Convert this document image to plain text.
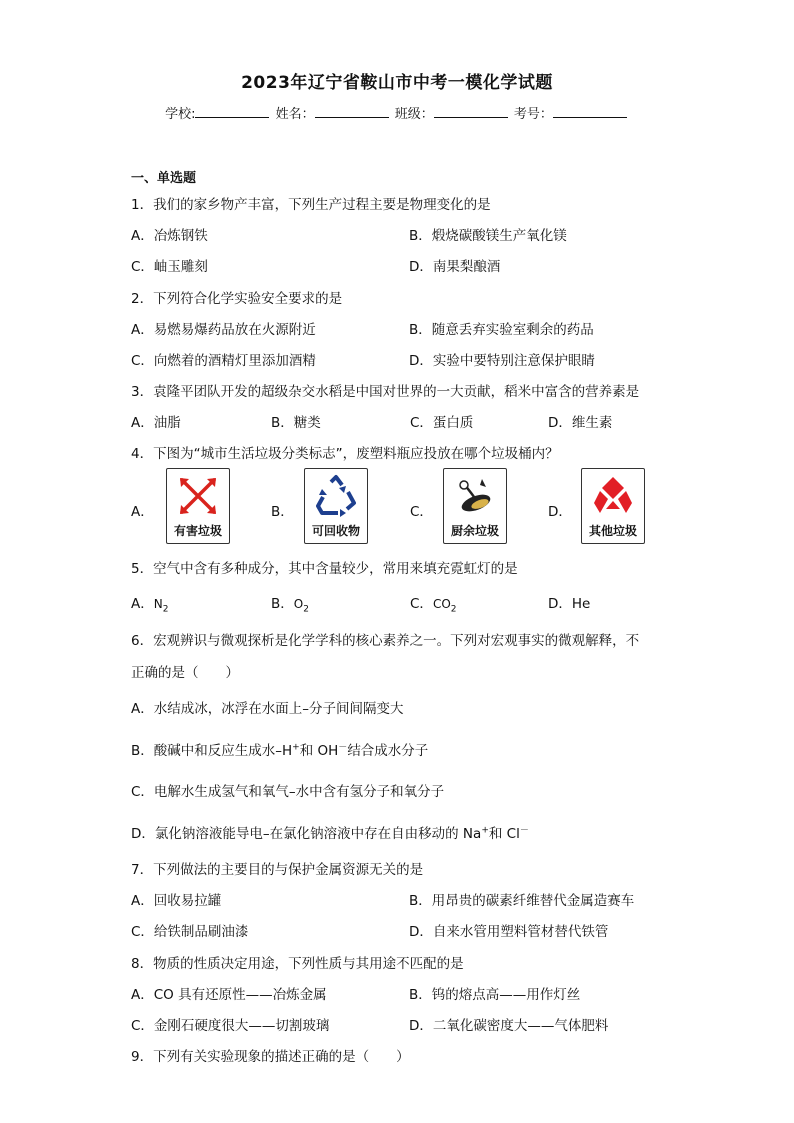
2023年辽宁省鞍山市中考一模化学试题
学校:	姓名：	班级：	考号：
一、单选题
1．我们的家乡物产丰富，下列生产过程主要是物理变化的是
A．冶炼钢铁	B．煅烧碳酸镁生产氧化镁
C．岫玉雕刻	D．南果梨酿酒
2．下列符合化学实验安全要求的是
A．易燃易爆药品放在火源附近	B．随意丢弃实验室剩余的药品
C．向燃着的酒精灯里添加酒精	D．实验中要特别注意保护眼睛
3．袁隆平团队开发的超级杂交水稻是中国对世界的一大贡献，稻米中富含的营养素是
A．油脂	B．糖类	C．蛋白质	D．维生素
4．下图为“城市生活垃圾分类标志”，废塑料瓶应投放在哪个垃圾桶内？
A．
有害垃圾
B．
可回收物
C．
厨余垃圾
D．
其他垃圾
5．空气中含有多种成分，其中含量较少，常用来填充霓虹灯的是
A．$N_2$	B．$O_2$	C．$CO_2$	D．He
6．宏观辨识与微观探析是化学学科的核心素养之一。下列对宏观事实的微观解释，不
正确的是（　　）
A．水结成冰，冰浮在水面上–分子间间隔变大
B．酸碱中和反应生成水–H+和 OH－结合成水分子
C．电解水生成氢气和氧气–水中含有氢分子和氧分子
D．氯化钠溶液能导电–在氯化钠溶液中存在自由移动的 Na+和 Cl－
7．下列做法的主要目的与保护金属资源无关的是
A．回收易拉罐	B．用昂贵的碳素纤维替代金属造赛车
C．给铁制品刷油漆	D．自来水管用塑料管材替代铁管
8．物质的性质决定用途，下列性质与其用途不匹配的是
A．CO 具有还原性——冶炼金属	B．钨的熔点高——用作灯丝
C．金刚石硬度很大——切割玻璃	D．二氧化碳密度大——气体肥料
9．下列有关实验现象的描述正确的是（　　）
